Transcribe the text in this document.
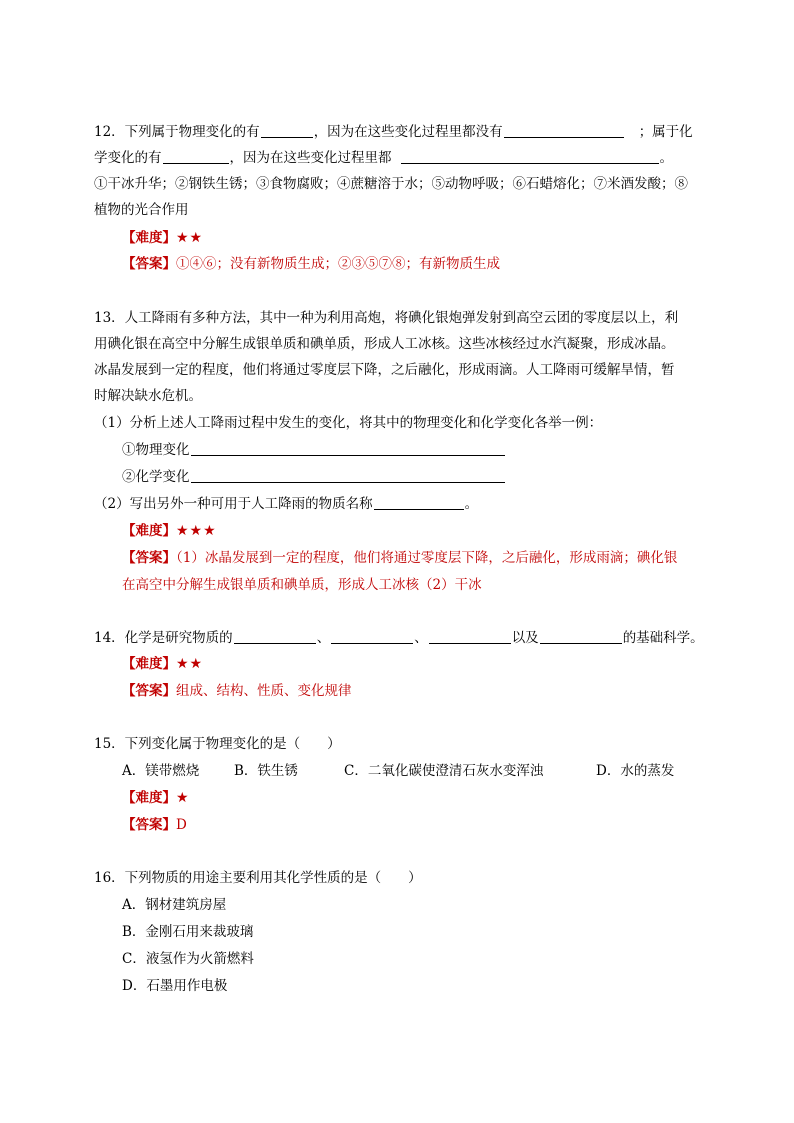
12．下列属于物理变化的有	，因为在这些变化过程里都没有	；属于化
学变化的有	，因为在这些变化过程里都	。
①干冰升华；②钢铁生锈；③食物腐败；④蔗糖溶于水；⑤动物呼吸；⑥石蜡熔化；⑦米酒发酸；⑧
植物的光合作用
【难度】★★
【答案】①④⑥；没有新物质生成；②③⑤⑦⑧；有新物质生成
13．人工降雨有多种方法，其中一种为利用高炮，将碘化银炮弹发射到高空云团的零度层以上，利
用碘化银在高空中分解生成银单质和碘单质，形成人工冰核。这些冰核经过水汽凝聚，形成冰晶。
冰晶发展到一定的程度，他们将通过零度层下降，之后融化，形成雨滴。人工降雨可缓解旱情，暂
时解决缺水危机。
（1）分析上述人工降雨过程中发生的变化，将其中的物理变化和化学变化各举一例：
①物理变化
②化学变化
（2）写出另外一种可用于人工降雨的物质名称	。
【难度】★★★
【答案】（1）冰晶发展到一定的程度，他们将通过零度层下降，之后融化，形成雨滴；碘化银
在高空中分解生成银单质和碘单质，形成人工冰核（2）干冰
14．化学是研究物质的	、	、	以及	的基础科学。
【难度】★★
【答案】组成、结构、性质、变化规律
15．下列变化属于物理变化的是（　　）
A．镁带燃烧	B．铁生锈	C．二氧化碳使澄清石灰水变浑浊	D．水的蒸发
【难度】★
【答案】D
16．下列物质的用途主要利用其化学性质的是（　　）
A．钢材建筑房屋
B．金刚石用来裁玻璃
C．液氢作为火箭燃料
D．石墨用作电极
